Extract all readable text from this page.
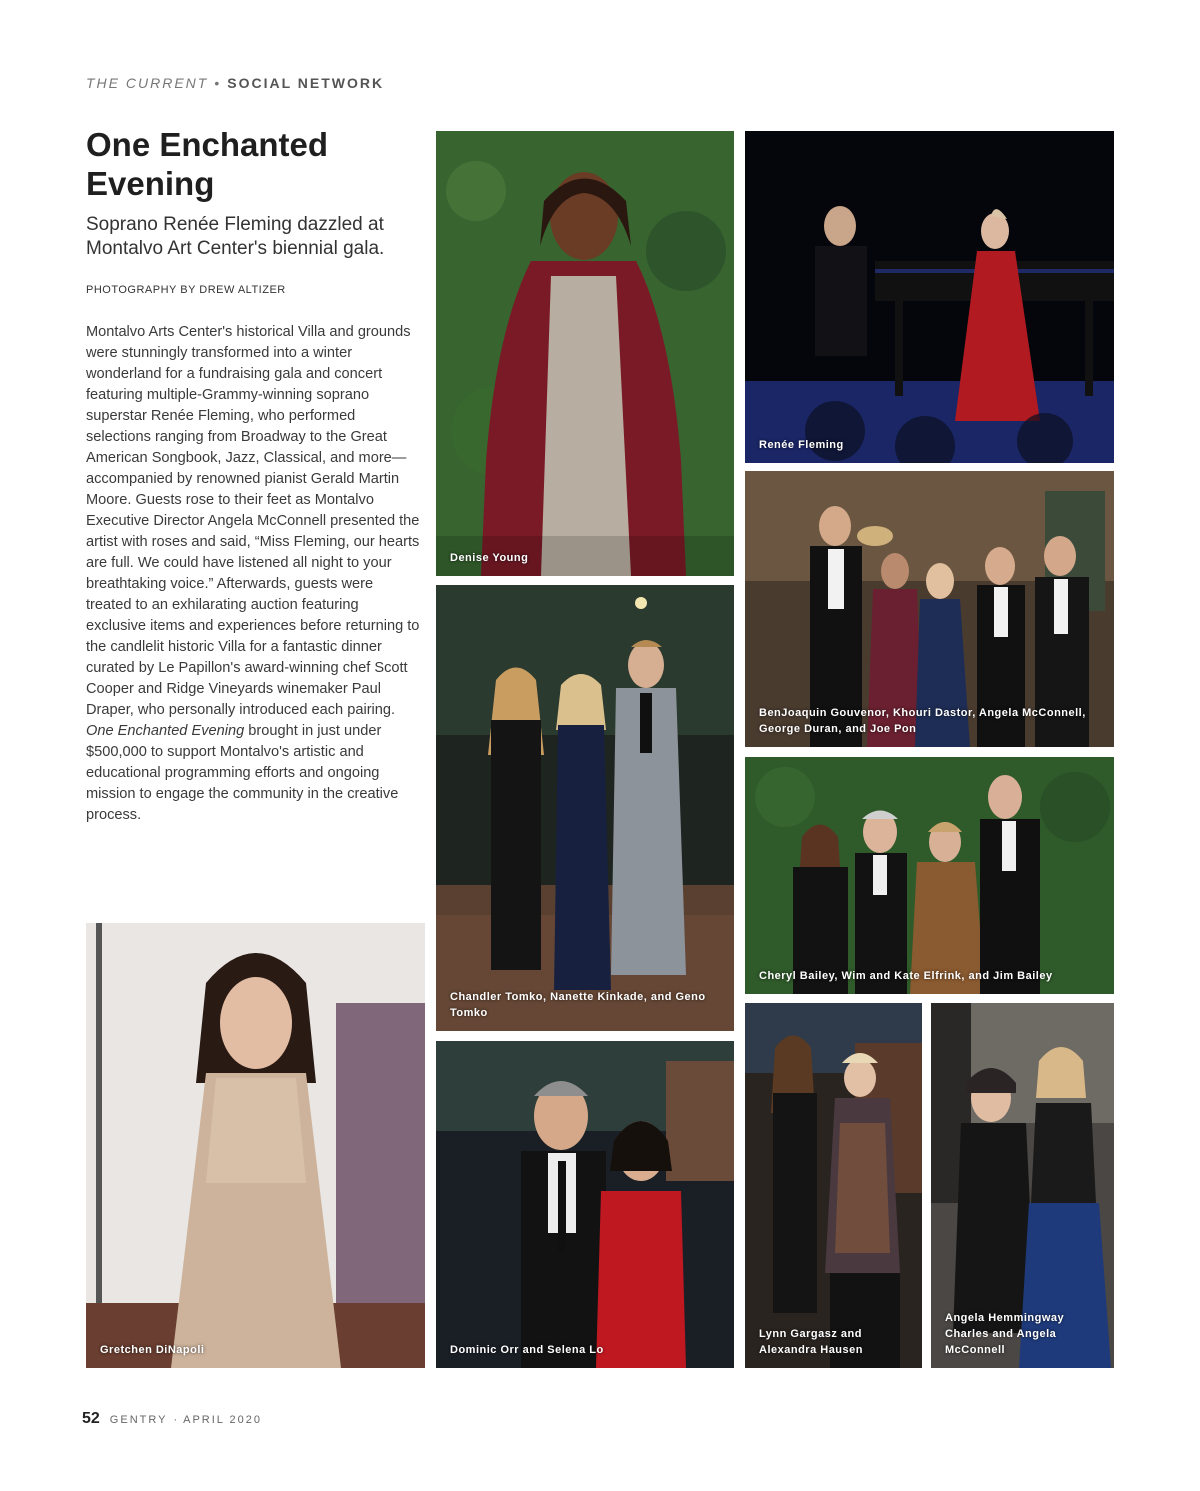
THE CURRENT • SOCIAL NETWORK
One Enchanted Evening

Soprano Renée Fleming dazzled at Montalvo Art Center's biennial gala.

PHOTOGRAPHY BY DREW ALTIZER

Montalvo Arts Center's historical Villa and grounds were stunningly transformed into a winter wonderland for a fundraising gala and concert featuring multiple-Grammy-winning soprano superstar Renée Fleming, who performed selections ranging from Broadway to the Great American Songbook, Jazz, Classical, and more—accompanied by renowned pianist Gerald Martin Moore. Guests rose to their feet as Montalvo Executive Director Angela McConnell presented the artist with roses and said, “Miss Fleming, our hearts are full. We could have listened all night to your breathtaking voice.” Afterwards, guests were treated to an exhilarating auction featuring exclusive items and experiences before returning to the candlelit historic Villa for a fantastic dinner curated by Le Papillon's award-winning chef Scott Cooper and Ridge Vineyards winemaker Paul Draper, who personally introduced each pairing. One Enchanted Evening brought in just under $500,000 to support Montalvo's artistic and educational programming efforts and ongoing mission to engage the community in the creative process.

Denise Young
Renée Fleming
BenJoaquin Gouvenor, Khouri Dastor, Angela McConnell, George Duran, and Joe Pon
Chandler Tomko, Nanette Kinkade, and Geno Tomko
Cheryl Bailey, Wim and Kate Elfrink, and Jim Bailey
Gretchen DiNapoli	Dominic Orr and Selena Lo
Lynn Gargasz and Alexandra Hausen
Angela Hemmingway Charles and Angela McConnell
52 GENTRY · APRIL 2020
